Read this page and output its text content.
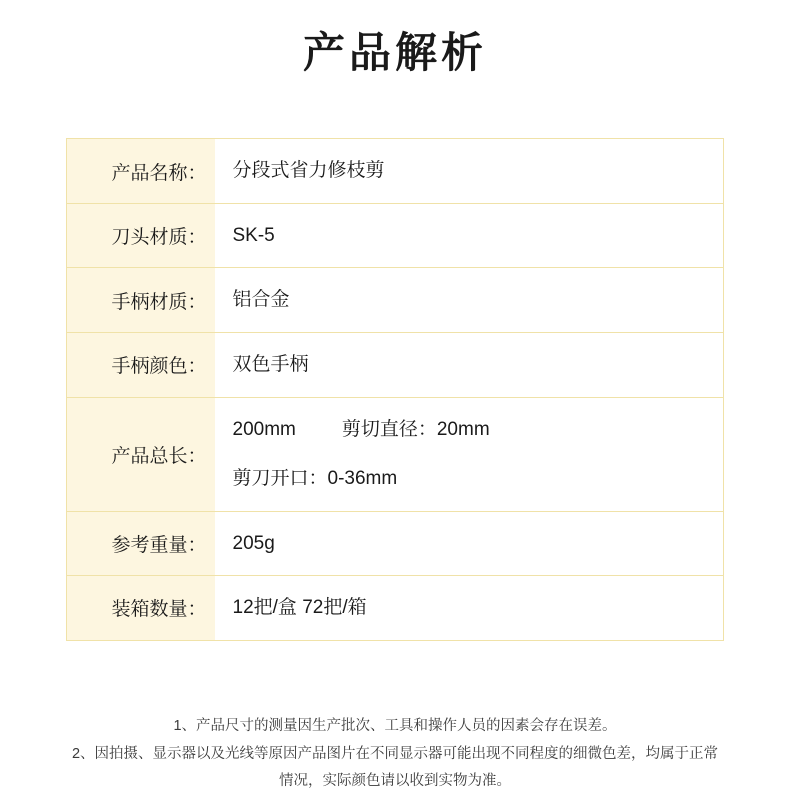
产品解析
产品名称：	分段式省力修枝剪

刀头材质：	SK-5

手柄材质：	铝合金

手柄颜色：	双色手柄

产品总长：	200mm 剪切直径：20mm
剪刀开口：0-36mm

参考重量：	205g

装箱数量：	12把/盒 72把/箱
1、产品尺寸的测量因生产批次、工具和操作人员的因素会存在误差。
2、因拍摄、显示器以及光线等原因产品图片在不同显示器可能出现不同程度的细微色差，均属于正常
情况，实际颜色请以收到实物为准。
